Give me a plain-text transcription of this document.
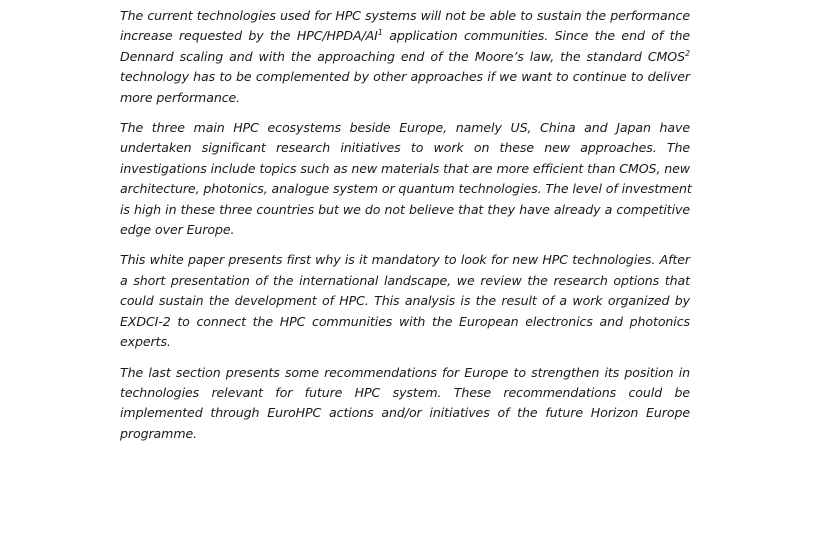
The current technologies used for HPC systems will not be able to sustain the performance
increase requested by the HPC/$HPDA/AI^1$ application communities. Since the end of the
Dennard scaling and with the approaching end of the Moore’s law, the standard CMOS$^2$
technology has to be complemented by other approaches if we want to continue to deliver
more performance.

The three main HPC ecosystems beside Europe, namely US, China and Japan have
undertaken significant research initiatives to work on these new approaches. The
investigations include topics such as new materials that are more efficient than CMOS, new
architecture, photonics, analogue system or quantum technologies. The level of investment
is high in these three countries but we do not believe that they have already a competitive
edge over Europe.

This white paper presents first why is it mandatory to look for new HPC technologies. After
a short presentation of the international landscape, we review the research options that
could sustain the development of HPC. This analysis is the result of a work organized by
EXDCI-2 to connect the HPC communities with the European electronics and photonics
experts.

The last section presents some recommendations for Europe to strengthen its position in
technologies relevant for future HPC system. These recommendations could be
implemented through EuroHPC actions and/or initiatives of the future Horizon Europe
programme.
